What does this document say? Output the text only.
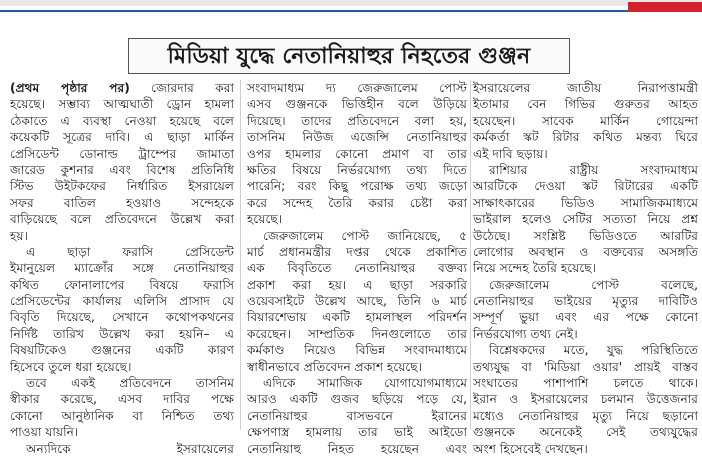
মিডিয়া যুদ্ধে নেতানিয়াহুর নিহতের গুঞ্জন
(প্রথম পৃষ্ঠার পর) জোরদার করা
হয়েছে। সম্ভাব্য আত্মঘাতী ড্রোন হামলা
ঠেকাতে এ ব্যবস্থা নেওয়া হয়েছে বলে
কয়েকটি সূত্রের দাবি। এ ছাড়া মার্কিন
প্রেসিডেন্ট ডোনাল্ড ট্রাম্পের জামাতা
জারেড কুশনার এবং বিশেষ প্রতিনিধি
স্টিভ উইটকফের নির্ধারিত ইসরায়েল
সফর বাতিল হওয়াও সন্দেহকে
বাড়িয়েছে বলে প্রতিবেদনে উল্লেখ করা
হয়।
এ ছাড়া ফরাসি প্রেসিডেন্ট
ইমানুয়েল ম্যাক্রোঁর সঙ্গে নেতানিয়াহুর
কথিত ফোনালাপের বিষয়ে ফরাসি
প্রেসিডেন্টের কার্যালয় এলিসি প্রাসাদ যে
বিবৃতি দিয়েছে, সেখানে কথোপকথনের
নির্দিষ্ট তারিখ উল্লেখ করা হয়নি– এ
বিষয়টিকেও গুঞ্জনের একটি কারণ
হিসেবে তুলে ধরা হয়েছে।
তবে একই প্রতিবেদনে তাসনিম
স্বীকার করেছে, এসব দাবির পক্ষে
কোনো আনুষ্ঠানিক বা নিশ্চিত তথ্য
পাওয়া যায়নি।
অন্যদিকে ইসরায়েলের
সংবাদমাধ্যম দ্য জেরুজালেম পোস্ট
এসব গুঞ্জনকে ভিত্তিহীন বলে উড়িয়ে
দিয়েছে। তাদের প্রতিবেদনে বলা হয়,
তাসনিম নিউজ এজেন্সি নেতানিয়াহুর
ওপর হামলার কোনো প্রমাণ বা তার
ক্ষতির বিষয়ে নির্ভরযোগ্য তথ্য দিতে
পারেনি; বরং কিছু পরোক্ষ তথ্য জড়ো
করে সন্দেহ তৈরি করার চেষ্টা করা
হয়েছে।
জেরুজালেম পোস্ট জানিয়েছে, ৫
মার্চ প্রধানমন্ত্রীর দপ্তর থেকে প্রকাশিত
এক বিবৃতিতে নেতানিয়াহুর বক্তব্য
প্রকাশ করা হয়। এ ছাড়া সরকারি
ওয়েবসাইটে উল্লেখ আছে, তিনি ৬ মার্চ
বিয়ারশেভায় একটি হামলাস্থল পরিদর্শন
করেছেন। সাম্প্রতিক দিনগুলোতে তার
কর্মকাণ্ড নিয়েও বিভিন্ন সংবাদমাধ্যমে
স্বাধীনভাবে প্রতিবেদন প্রকাশ হয়েছে।
এদিকে সামাজিক যোগাযোগমাধ্যমে
আরও একটি গুজব ছড়িয়ে পড়ে যে,
নেতানিয়াহুর বাসভবনে ইরানের
ক্ষেপণাস্ত্র হামলায় তার ভাই আইডো
নেতানিয়াহু নিহত হয়েছেন এবং
ইসরায়েলের জাতীয় নিরাপত্তামন্ত্রী
ইতামার বেন গিভির গুরুতর আহত
হয়েছেন। সাবেক মার্কিন গোয়েন্দা
কর্মকর্তা স্কট রিটার কথিত মন্তব্য ঘিরে
এই দাবি ছড়ায়।
রাশিয়ার রাষ্ট্রীয় সংবাদমাধ্যম
আরটিকে দেওয়া স্কট রিটারের একটি
সাক্ষাৎকারের ভিডিও সামাজিকমাধ্যমে
ভাইরাল হলেও সেটির সত্যতা নিয়ে প্রশ্ন
উঠেছে। সংশ্লিষ্ট ভিডিওতে আরটির
লোগোর অবস্থান ও বক্তব্যের অসঙ্গতি
নিয়ে সন্দেহ তৈরি হয়েছে।
জেরুজালেম পোস্ট বলেছে,
নেতানিয়াহুর ভাইয়ের মৃত্যুর দাবিটিও
সম্পূর্ণ ভুয়া এবং এর পক্ষে কোনো
নির্ভরযোগ্য তথ্য নেই।
বিশ্লেষকদের মতে, যুদ্ধ পরিস্থিতিতে
তথ্যযুদ্ধ বা 'মিডিয়া ওয়ার' প্রায়ই বাস্তব
সংঘাতের পাশাপাশি চলতে থাকে।
ইরান ও ইসরায়েলের চলমান উত্তেজনার
মধ্যেও নেতানিয়াহুর মৃত্যু নিয়ে ছড়ানো
গুঞ্জনকে অনেকেই সেই তথ্যযুদ্ধের
অংশ হিসেবেই দেখছেন।
